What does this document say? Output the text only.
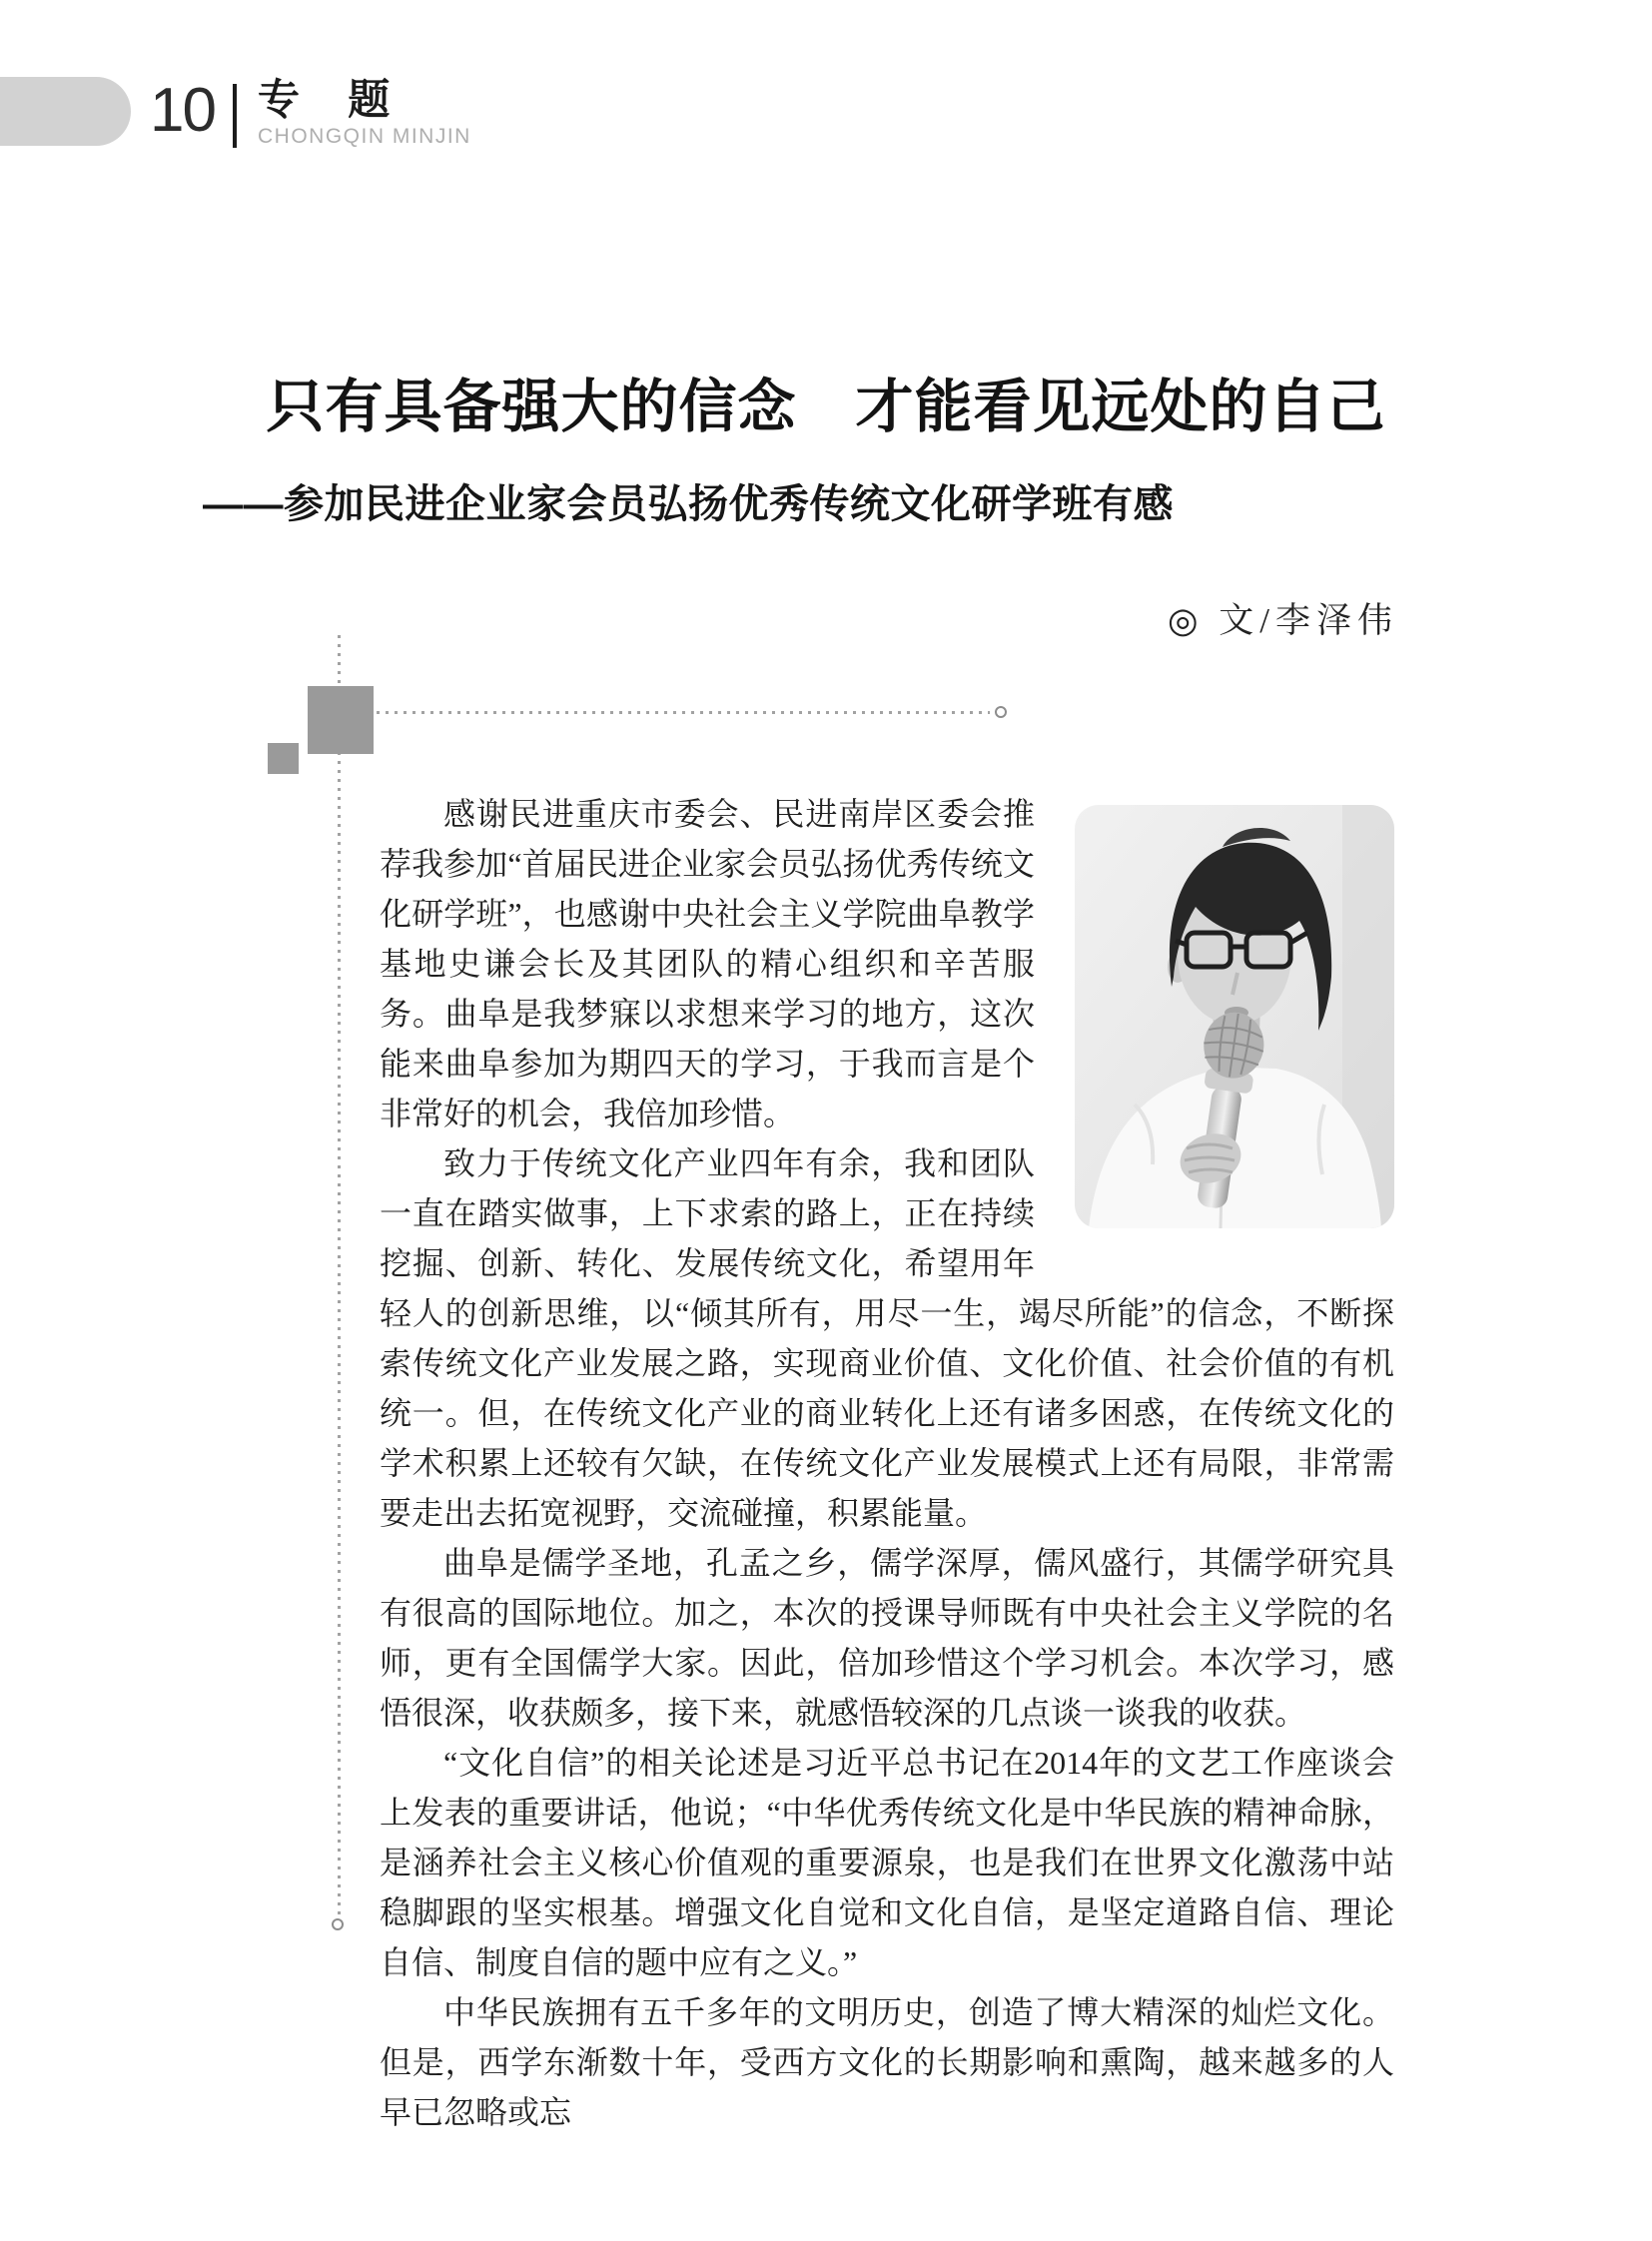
10 专题
CHONGQIN MINJIN
只有具备强大的信念　才能看见远处的自己
——参加民进企业家会员弘扬优秀传统文化研学班有感
◎ 文/李泽伟

感谢民进重庆市委会、民进南岸区委会推荐我参加“首届民进企业家会员弘扬优秀传统文化研学班”，也感谢中央社会主义学院曲阜教学基地史谦会长及其团队的精心组织和辛苦服务。曲阜是我梦寐以求想来学习的地方，这次能来曲阜参加为期四天的学习，于我而言是个非常好的机会，我倍加珍惜。

致力于传统文化产业四年有余，我和团队一直在踏实做事，上下求索的路上，正在持续挖掘、创新、转化、发展传统文化，希望用年轻人的创新思维，以“倾其所有，用尽一生，竭尽所能”的信念，不断探索传统文化产业发展之路，实现商业价值、文化价值、社会价值的有机统一。但，在传统文化产业的商业转化上还有诸多困惑，在传统文化的学术积累上还较有欠缺，在传统文化产业发展模式上还有局限，非常需要走出去拓宽视野，交流碰撞，积累能量。

曲阜是儒学圣地，孔孟之乡，儒学深厚，儒风盛行，其儒学研究具有很高的国际地位。加之，本次的授课导师既有中央社会主义学院的名师，更有全国儒学大家。因此，倍加珍惜这个学习机会。本次学习，感悟很深，收获颇多，接下来，就感悟较深的几点谈一谈我的收获。

“文化自信”的相关论述是习近平总书记在2014年的文艺工作座谈会上发表的重要讲话，他说；“中华优秀传统文化是中华民族的精神命脉，是涵养社会主义核心价值观的重要源泉，也是我们在世界文化激荡中站稳脚跟的坚实根基。增强文化自觉和文化自信，是坚定道路自信、理论自信、制度自信的题中应有之义。”

中华民族拥有五千多年的文明历史，创造了博大精深的灿烂文化。但是，西学东渐数十年，受西方文化的长期影响和熏陶，越来越多的人早已忽略或忘
